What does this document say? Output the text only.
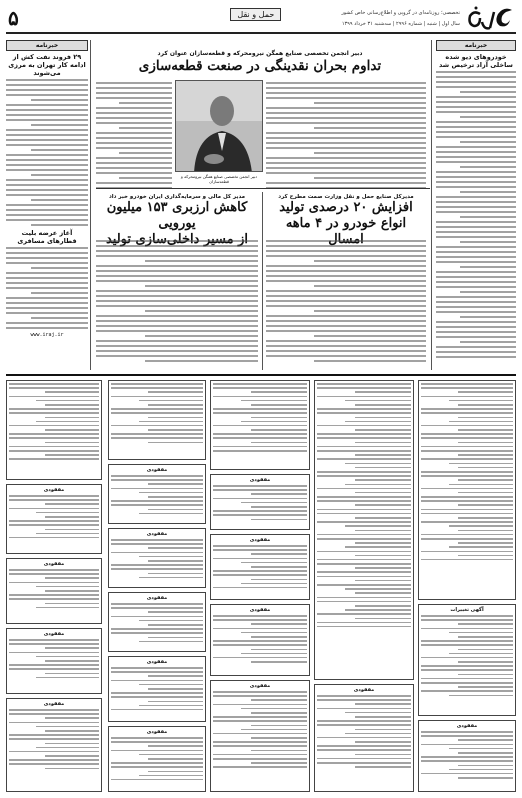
تخصصی؛ روزنامه‌ای در گروپی و اطلاع‌رسانی خاص کشور
سال اول | شنبه | شماره ۲۹۹۶ | سه‌شنبه ۳۱ خرداد ۱۳۹۹
حمل و نقل
۵
خبرنامه
خودروهای دیو شده ساخلی آزاد ترخیص شد
خبرنامه
۲۹ فروند نفت کش از ادامه کار تهران به مرزی می‌شوند
آغاز عرضه بلیت قطارهای مسافری
www.iraj.ir
دبیر انجمن تخصصی صنایع همگن نیرومحرکه و قطعه‌سازان عنوان کرد
تداوم بحران نقدینگی در صنعت قطعه‌سازی
دبیر انجمن تخصصی صنایع همگن نیرومحرکه و قطعه‌سازان
مدیرکل صنایع حمل و نقل وزارت صمت مطرح کرد
افزایش ۲۰ درصدی تولید
انواع خودرو در ۴ ماهه
مدیر کل مالی و سرمایه‌گذاری ایران خودرو خبر داد
کاهش ارزبری ۱۵۳ میلیون یورویی
آگهی تغییرات
مفقودی
مفقودی
مفقودی
مفقودی
مفقودی
مفقودی
مفقودی
مفقودی
مفقودی
مفقودی
مفقودی
مفقودی
مفقودی
مفقودی
مفقودی
